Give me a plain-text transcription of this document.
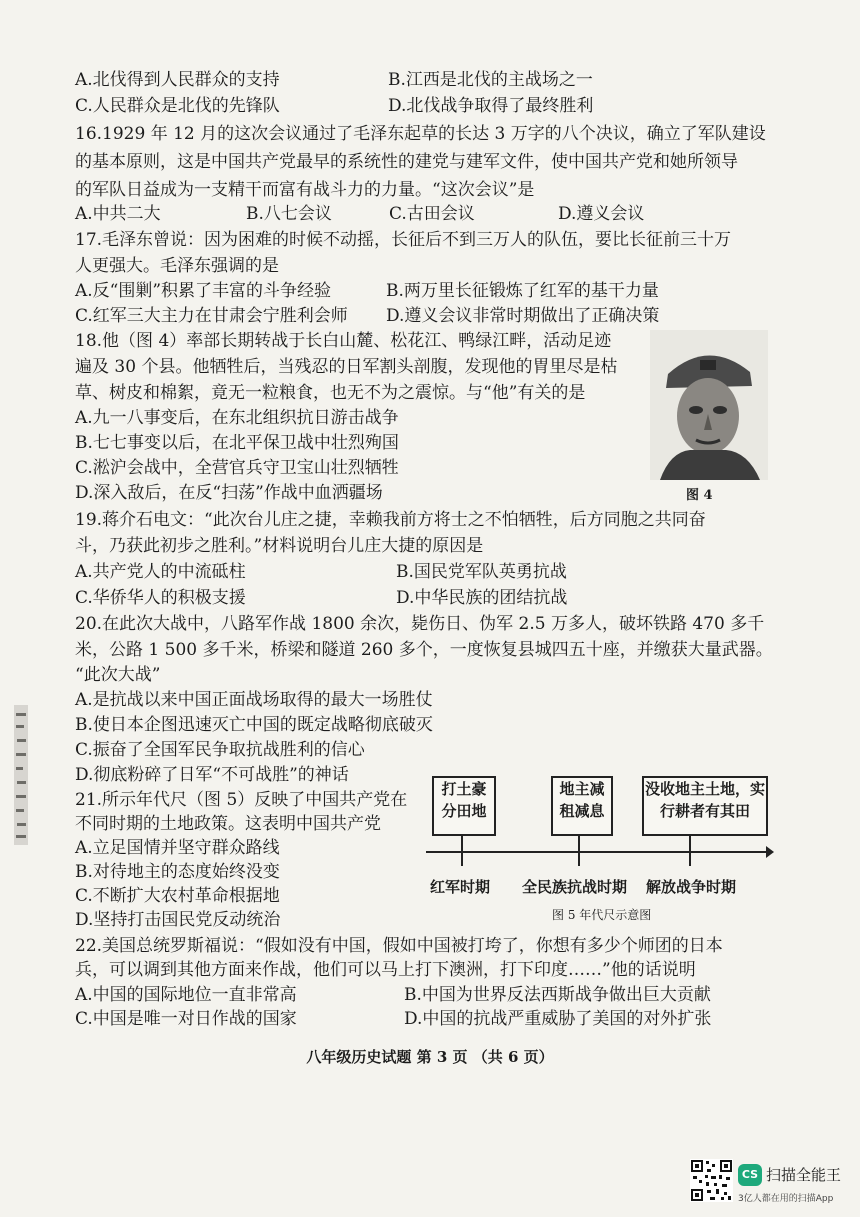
A.北伐得到人民群众的支持	B.江西是北伐的主战场之一
C.人民群众是北伐的先锋队	D.北伐战争取得了最终胜利
16.1929 年 12 月的这次会议通过了毛泽东起草的长达 3 万字的八个决议，确立了军队建设
的基本原则，这是中国共产党最早的系统性的建党与建军文件，使中国共产党和她所领导
的军队日益成为一支精干而富有战斗力的力量。“这次会议”是
A.中共二大	B.八七会议	C.古田会议	D.遵义会议
17.毛泽东曾说：因为困难的时候不动摇，长征后不到三万人的队伍，要比长征前三十万
人更强大。毛泽东强调的是
A.反“围剿”积累了丰富的斗争经验	B.两万里长征锻炼了红军的基干力量
C.红军三大主力在甘肃会宁胜利会师 D.遵义会议非常时期做出了正确决策
18.他（图 4）率部长期转战于长白山麓、松花江、鸭绿江畔，活动足迹
遍及 30 个县。他牺牲后，当残忍的日军割头剖腹，发现他的胃里尽是枯
草、树皮和棉絮，竟无一粒粮食，也无不为之震惊。与“他”有关的是
A.九一八事变后，在东北组织抗日游击战争
B.七七事变以后，在北平保卫战中壮烈殉国
C.淞沪会战中，全营官兵守卫宝山壮烈牺牲
D.深入敌后，在反“扫荡”作战中血洒疆场	图 4
19.蒋介石电文：“此次台儿庄之捷，幸赖我前方将士之不怕牺牲，后方同胞之共同奋
斗，乃获此初步之胜利。”材料说明台儿庄大捷的原因是
A.共产党人的中流砥柱	B.国民党军队英勇抗战
C.华侨华人的积极支援	D.中华民族的团结抗战
20.在此次大战中，八路军作战 1800 余次，毙伤日、伪军 2.5 万多人，破坏铁路 470 多千
米，公路 1 500 多千米，桥梁和隧道 260 多个，一度恢复县城四五十座，并缴获大量武器。
“此次大战”
A.是抗战以来中国正面战场取得的最大一场胜仗
B.使日本企图迅速灭亡中国的既定战略彻底破灭
C.振奋了全国军民争取抗战胜利的信心
D.彻底粉碎了日军“不可战胜”的神话
21.所示年代尺（图 5）反映了中国共产党在
不同时期的土地政策。这表明中国共产党
A.立足国情并坚守群众路线
B.对待地主的态度始终没变
C.不断扩大农村革命根据地
D.坚持打击国民党反动统治
打土豪
分田地
地主减
租减息
没收地主土地，实
行耕者有其田
红军时期 全民族抗战时期 解放战争时期
图 5 年代尺示意图
22.美国总统罗斯福说：“假如没有中国，假如中国被打垮了，你想有多少个师团的日本
兵，可以调到其他方面来作战，他们可以马上打下澳洲，打下印度……”他的话说明
A.中国的国际地位一直非常高	B.中国为世界反法西斯战争做出巨大贡献
C.中国是唯一对日作战的国家	D.中国的抗战严重威胁了美国的对外扩张
八年级历史试题 第 3 页 （共 6 页）
CS 扫描全能王
3亿人都在用的扫描App
